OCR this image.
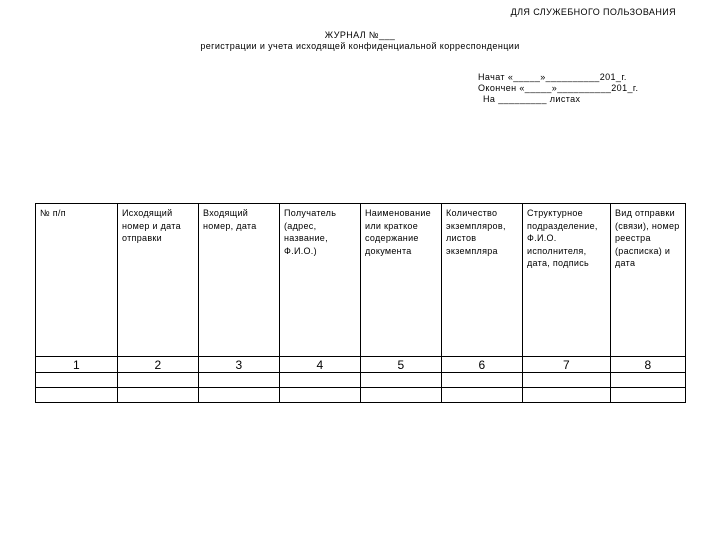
ДЛЯ СЛУЖЕБНОГО ПОЛЬЗОВАНИЯ
ЖУРНАЛ №___
регистрации и учета исходящей конфиденциальной корреспонденции
Начат «_____»__________201_г.
Окончен «_____»__________201_г.
На _________ листах
№ п/п	Исходящий номер и дата отправки	Входящий номер, дата	Получатель (адрес, название, Ф.И.О.)	Наименование или краткое содержание документа	Количество экземпляров, листов экземпляра	Структурное подразделение, Ф.И.О. исполнителя, дата, подпись	Вид отправки (связи), номер реестра (расписка) и дата
1	2	3	4	5	6	7	8
